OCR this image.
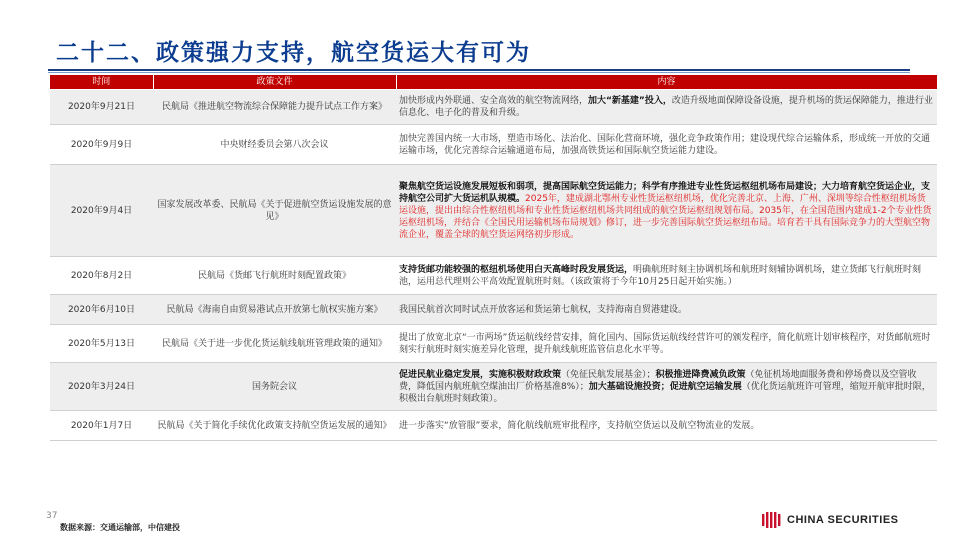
二十二、政策强力支持，航空货运大有可为
时间	政策文件	内容
2020年9月21日	民航局《推进航空物流综合保障能力提升试点工作方案》	加快形成内外联通、安全高效的航空物流网络，加大“新基建”投入，改造升级地面保障设备设施，提升机场的货运保障能力，推进行业信息化、电子化的普及和升级。
2020年9月9日	中央财经委员会第八次会议	加快完善国内统一大市场，塑造市场化、法治化、国际化营商环境，强化竞争政策作用；建设现代综合运输体系，形成统一开放的交通运输市场，优化完善综合运输通道布局，加强高铁货运和国际航空货运能力建设。
2020年9月4日	国家发展改革委、民航局《关于促进航空货运设施发展的意见》	聚焦航空货运设施发展短板和弱项，提高国际航空货运能力；科学有序推进专业性货运枢纽机场布局建设；大力培育航空货运企业，支持航空公司扩大货运机队规模。2025年，建成湖北鄂州专业性货运枢纽机场，优化完善北京、上海、广州、深圳等综合性枢纽机场货运设施，提出由综合性枢纽机场和专业性货运枢纽机场共同组成的航空货运枢纽规划布局。2035年，在全国范围内建成1-2个专业性货运枢纽机场，并结合《全国民用运输机场布局规划》修订，进一步完善国际航空货运枢纽布局。培育若干具有国际竞争力的大型航空物流企业，覆盖全球的航空货运网络初步形成。
2020年8月2日	民航局《货邮飞行航班时刻配置政策》	支持货邮功能较强的枢纽机场使用白天高峰时段发展货运，明确航班时刻主协调机场和航班时刻辅协调机场，建立货邮飞行航班时刻池，运用总代理则公平高效配置航班时刻。（该政策将于今年10月25日起开始实施。）
2020年6月10日	民航局《海南自由贸易港试点开放第七航权实施方案》	我国民航首次同时试点开放客运和货运第七航权，支持海南自贸港建设。
2020年5月13日	民航局《关于进一步优化货运航线航班管理政策的通知》	提出了放宽北京“一市两场”货运航线经营安排，简化国内、国际货运航线经营许可的颁发程序，简化航班计划审核程序，对货邮航班时刻实行航班时刻实施差异化管理，提升航线航班监管信息化水平等。
2020年3月24日	国务院会议	促进民航业稳定发展，实施积极财政政策（免征民航发展基金）；积极推进降费减负政策（免征机场地面服务费和停场费以及空管收费，降低国内航班航空煤油出厂价格基准8%）；加大基础设施投资；促进航空运输发展（优化货运航班许可管理，缩短开航审批时限，积极出台航班时刻政策）。
2020年1月7日	民航局《关于简化手续优化政策支持航空货运发展的通知》	进一步落实“放管服”要求，简化航线航班审批程序，支持航空货运以及航空物流业的发展。
37
数据来源：交通运输部，中信建投
CHINA SECURITIES
